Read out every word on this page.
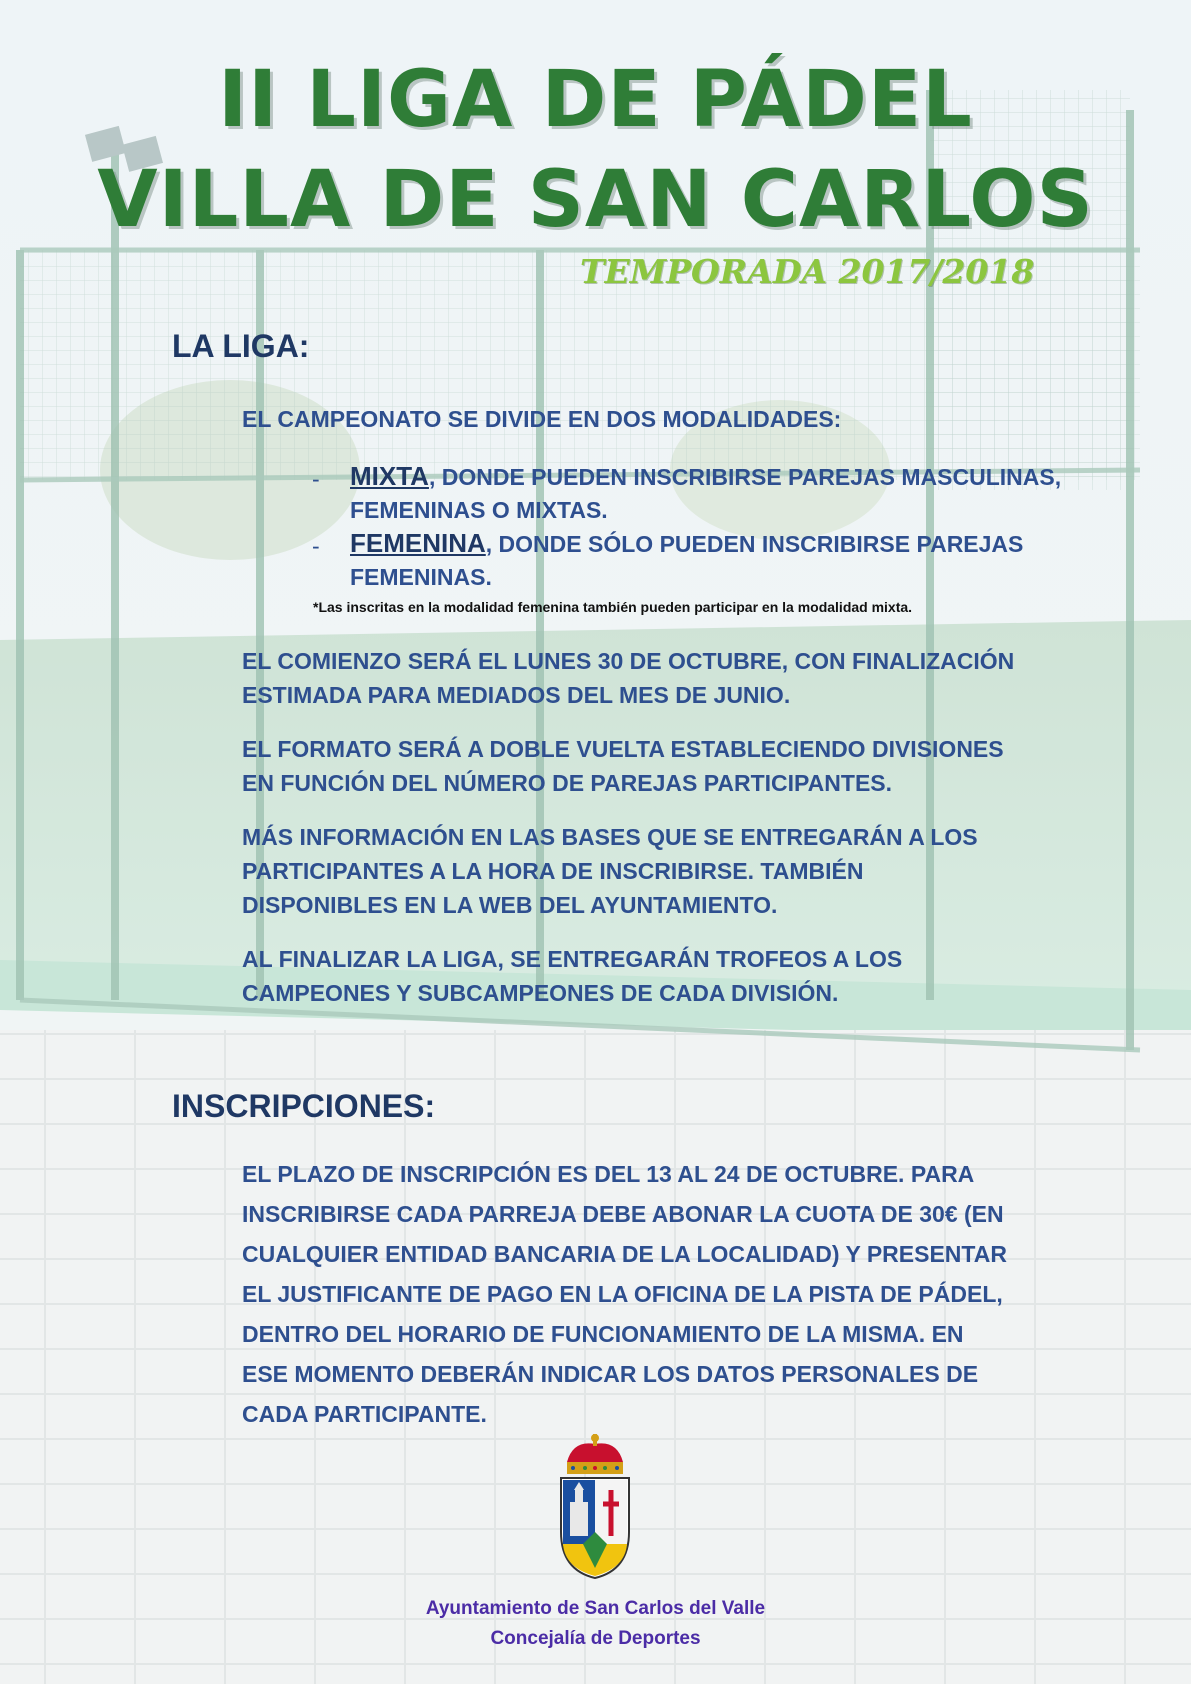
II LIGA DE PÁDEL
VILLA DE SAN CARLOS
TEMPORADA 2017/2018
LA LIGA:
EL CAMPEONATO SE DIVIDE EN DOS MODALIDADES:
- MIXTA, DONDE PUEDEN INSCRIBIRSE PAREJAS MASCULINAS,
FEMENINAS O MIXTAS.
- FEMENINA, DONDE SÓLO PUEDEN INSCRIBIRSE PAREJAS
FEMENINAS.
*Las inscritas en la modalidad femenina también pueden participar en la modalidad mixta.
EL COMIENZO SERÁ EL LUNES 30 DE OCTUBRE, CON FINALIZACIÓN
ESTIMADA PARA MEDIADOS DEL MES DE JUNIO.
EL FORMATO SERÁ A DOBLE VUELTA ESTABLECIENDO DIVISIONES
EN FUNCIÓN DEL NÚMERO DE PAREJAS PARTICIPANTES.
MÁS INFORMACIÓN EN LAS BASES QUE SE ENTREGARÁN A LOS
PARTICIPANTES A LA HORA DE INSCRIBIRSE. TAMBIÉN
DISPONIBLES EN LA WEB DEL AYUNTAMIENTO.
AL FINALIZAR LA LIGA, SE ENTREGARÁN TROFEOS A LOS
CAMPEONES Y SUBCAMPEONES DE CADA DIVISIÓN.
INSCRIPCIONES:
EL PLAZO DE INSCRIPCIÓN ES DEL 13 AL 24 DE OCTUBRE. PARA
INSCRIBIRSE CADA PARREJA DEBE ABONAR LA CUOTA DE 30€ (EN
CUALQUIER ENTIDAD BANCARIA DE LA LOCALIDAD) Y PRESENTAR
EL JUSTIFICANTE DE PAGO EN LA OFICINA DE LA PISTA DE PÁDEL,
DENTRO DEL HORARIO DE FUNCIONAMIENTO DE LA MISMA. EN
ESE MOMENTO DEBERÁN INDICAR LOS DATOS PERSONALES DE
CADA PARTICIPANTE.
Ayuntamiento de San Carlos del Valle
Concejalía de Deportes
